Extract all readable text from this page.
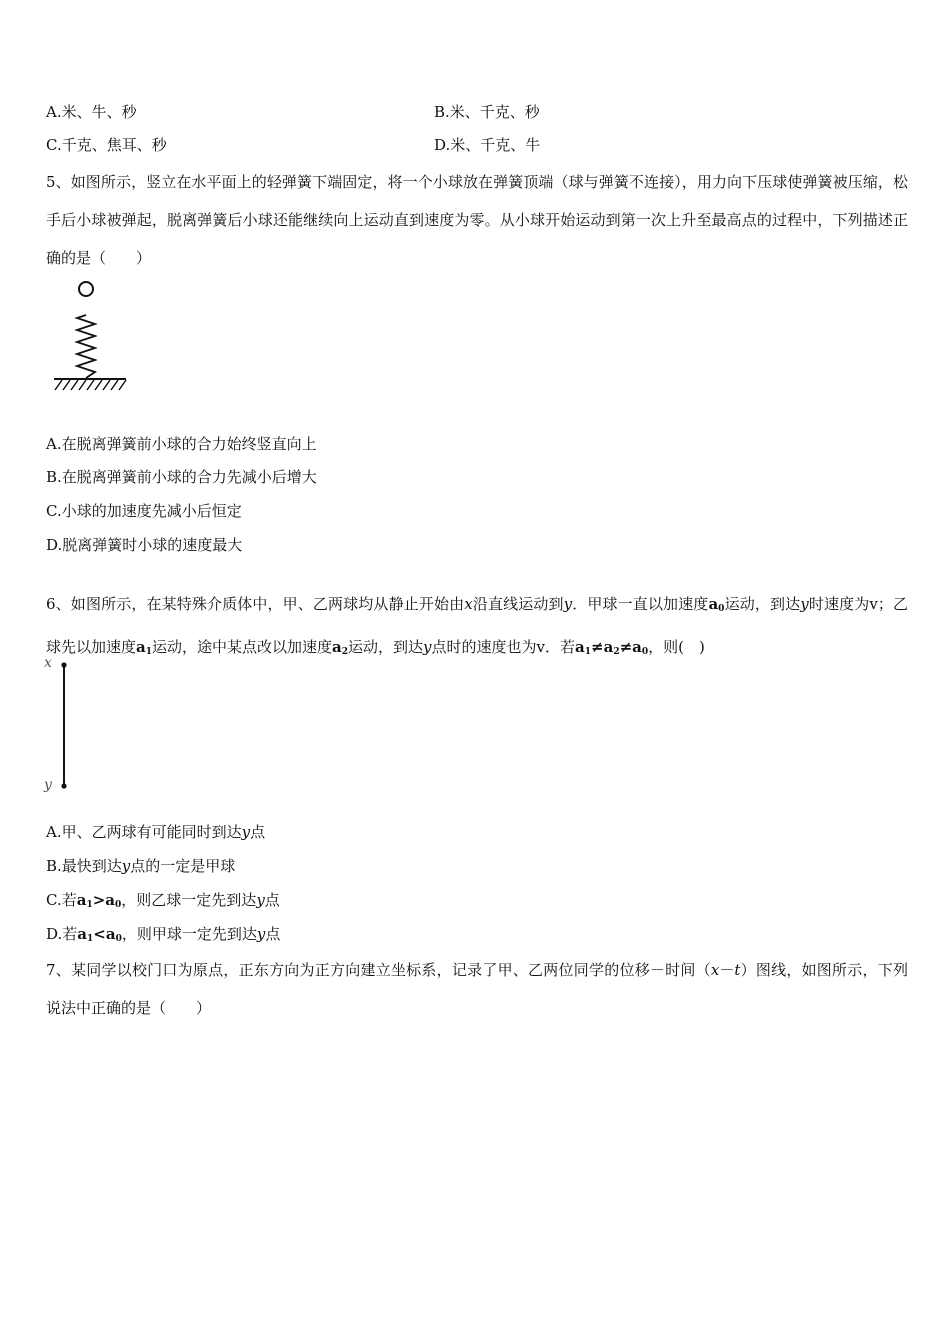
A.米、牛、秒	B.米、千克、秒
C.千克、焦耳、秒	D.米、千克、牛
5、如图所示，竖立在水平面上的轻弹簧下端固定，将一个小球放在弹簧顶端（球与弹簧不连接），用力向下压球使弹簧被压缩，松手后小球被弹起，脱离弹簧后小球还能继续向上运动直到速度为零。从小球开始运动到第一次上升至最高点的过程中，下列描述正确的是（　　）
A.在脱离弹簧前小球的合力始终竖直向上
B.在脱离弹簧前小球的合力先减小后增大
C.小球的加速度先减小后恒定
D.脱离弹簧时小球的速度最大
6、如图所示，在某特殊介质体中，甲、乙两球均从静止开始由x沿直线运动到y．甲球一直以加速度$a_0$运动，到达y时速度为v；乙球先以加速度$a_1$运动，途中某点改以加速度$a_2$运动，到达y点时的速度也为v．若$a_1\ne a_2\ne a_0$，则(　)
x
y
A.甲、乙两球有可能同时到达y点
B.最快到达y点的一定是甲球
C.若$a_1>a_0$，则乙球一定先到达y点
D.若$a_1<a_0$，则甲球一定先到达y点
7、某同学以校门口为原点，正东方向为正方向建立坐标系，记录了甲、乙两位同学的位移－时间（x－t）图线，如图所示，下列说法中正确的是（　　）
